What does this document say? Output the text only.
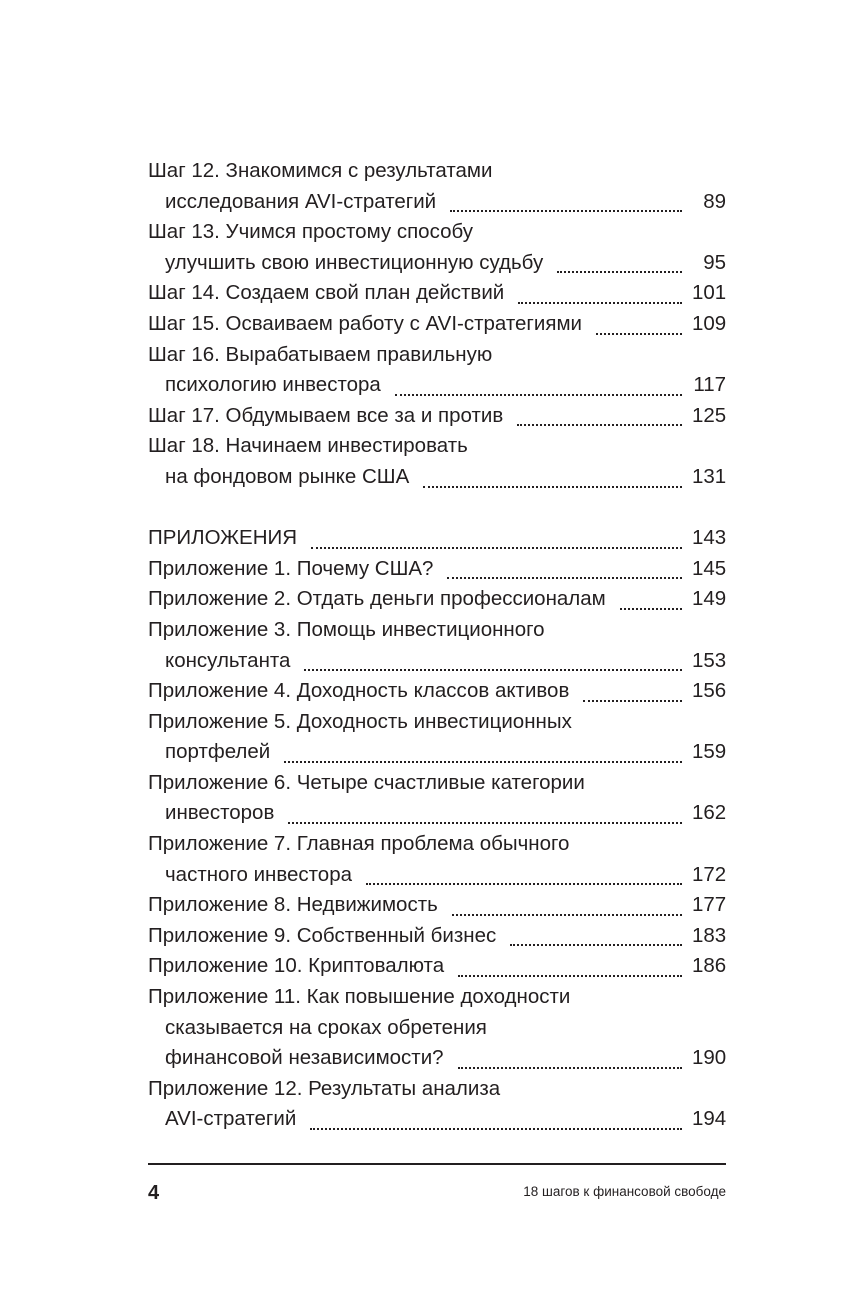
Шаг 12. Знакомимся с результатами
исследования AVI-стратегий	89
Шаг 13. Учимся простому способу
улучшить свою инвестиционную судьбу	95
Шаг 14. Создаем свой план действий	101
Шаг 15. Осваиваем работу с AVI-стратегиями	109
Шаг 16. Вырабатываем правильную
психологию инвестора	117
Шаг 17. Обдумываем все за и против	125
Шаг 18. Начинаем инвестировать
на фондовом рынке США	131
ПРИЛОЖЕНИЯ	143
Приложение 1. Почему США?	145
Приложение 2. Отдать деньги профессионалам	149
Приложение 3. Помощь инвестиционного
консультанта	153
Приложение 4. Доходность классов активов	156
Приложение 5. Доходность инвестиционных
портфелей	159
Приложение 6. Четыре счастливые категории
инвесторов	162
Приложение 7. Главная проблема обычного
частного инвестора	172
Приложение 8. Недвижимость	177
Приложение 9. Собственный бизнес	183
Приложение 10. Криптовалюта	186
Приложение 11. Как повышение доходности
сказывается на сроках обретения
финансовой независимости?	190
Приложение 12. Результаты анализа
AVI-стратегий	194
4	18 шагов к финансовой свободе
